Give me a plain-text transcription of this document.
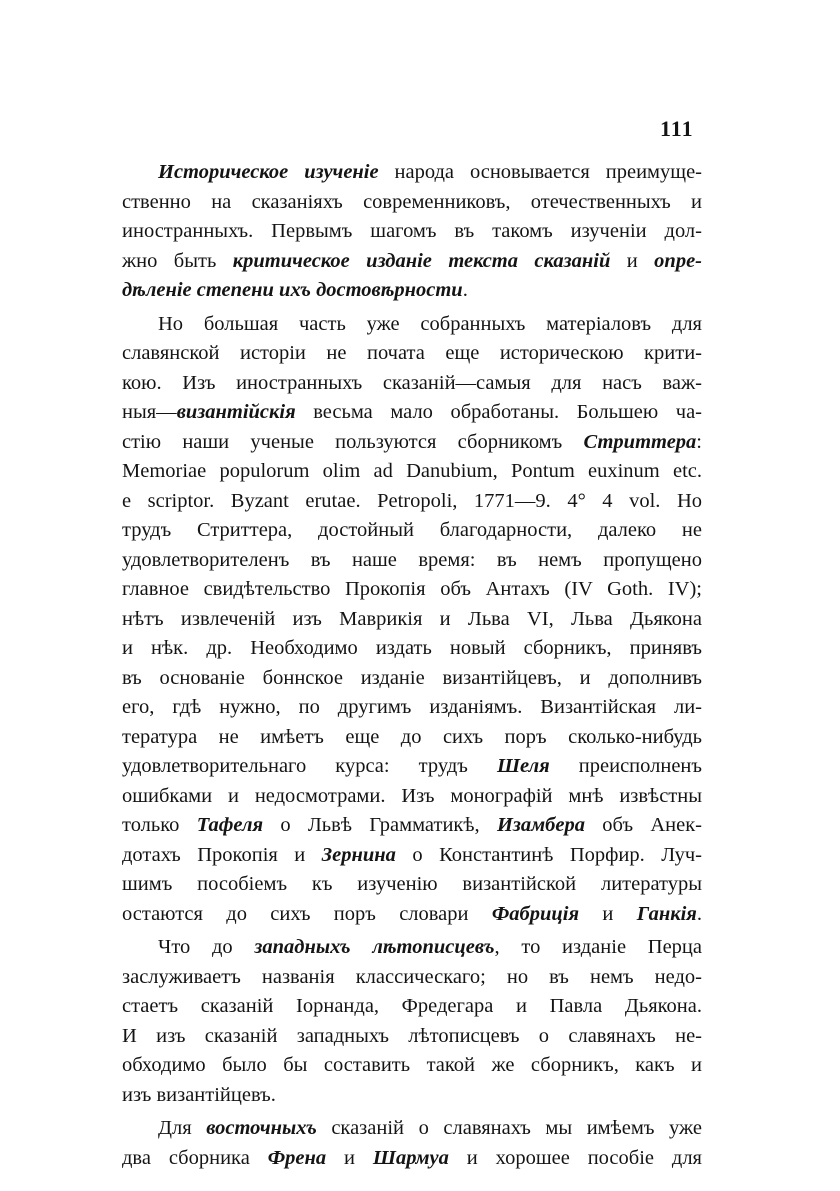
111
Историческое изученіе народа основывается преимуще-
ственно на сказаніяхъ современниковъ, отечественныхъ и
иностранныхъ. Первымъ шагомъ въ такомъ изученіи дол-
жно быть критическое изданіе текста сказаній и опре-
дѣленіе степени ихъ достовѣрности.
Но большая часть уже собранныхъ матеріаловъ для
славянской исторіи не почата еще историческою крити-
кою. Изъ иностранныхъ сказаній—самыя для насъ важ-
ныя—византійскія весьма мало обработаны. Большею ча-
стію наши ученые пользуются сборникомъ Стриттера:
Memoriae populorum olim ad Danubium, Pontum euxinum etc.
e scriptor. Byzant erutae. Petropoli, 1771—9. 4° 4 vol. Но
трудъ Стриттера, достойный благодарности, далеко не
удовлетворителенъ въ наше время: въ немъ пропущено
главное свидѣтельство Прокопія объ Антахъ (IV Goth. IV);
нѣтъ извлеченій изъ Маврикія и Льва VI, Льва Дьякона
и нѣк. др. Необходимо издать новый сборникъ, принявъ
въ основаніе боннское изданіе византійцевъ, и дополнивъ
его, гдѣ нужно, по другимъ изданіямъ. Византійская ли-
тература не имѣетъ еще до сихъ поръ сколько-нибудь
удовлетворительнаго курса: трудъ Шеля преисполненъ
ошибками и недосмотрами. Изъ монографій мнѣ извѣстны
только Тафеля о Львѣ Грамматикѣ, Изамбера объ Анек-
дотахъ Прокопія и Зернина о Константинѣ Порфир. Луч-
шимъ пособіемъ къ изученію византійской литературы
остаются до сихъ поръ словари Фабриція и Ганкія.
Что до западныхъ лѣтописцевъ, то изданіе Перца
заслуживаетъ названія классическаго; но въ немъ недо-
стаетъ сказаній Іорнанда, Фредегара и Павла Дьякона.
И изъ сказаній западныхъ лѣтописцевъ о славянахъ не-
обходимо было бы составить такой же сборникъ, какъ и
изъ византійцевъ.
Для восточныхъ сказаній о славянахъ мы имѣемъ уже
два сборника Френа и Шармуа и хорошее пособіе для
